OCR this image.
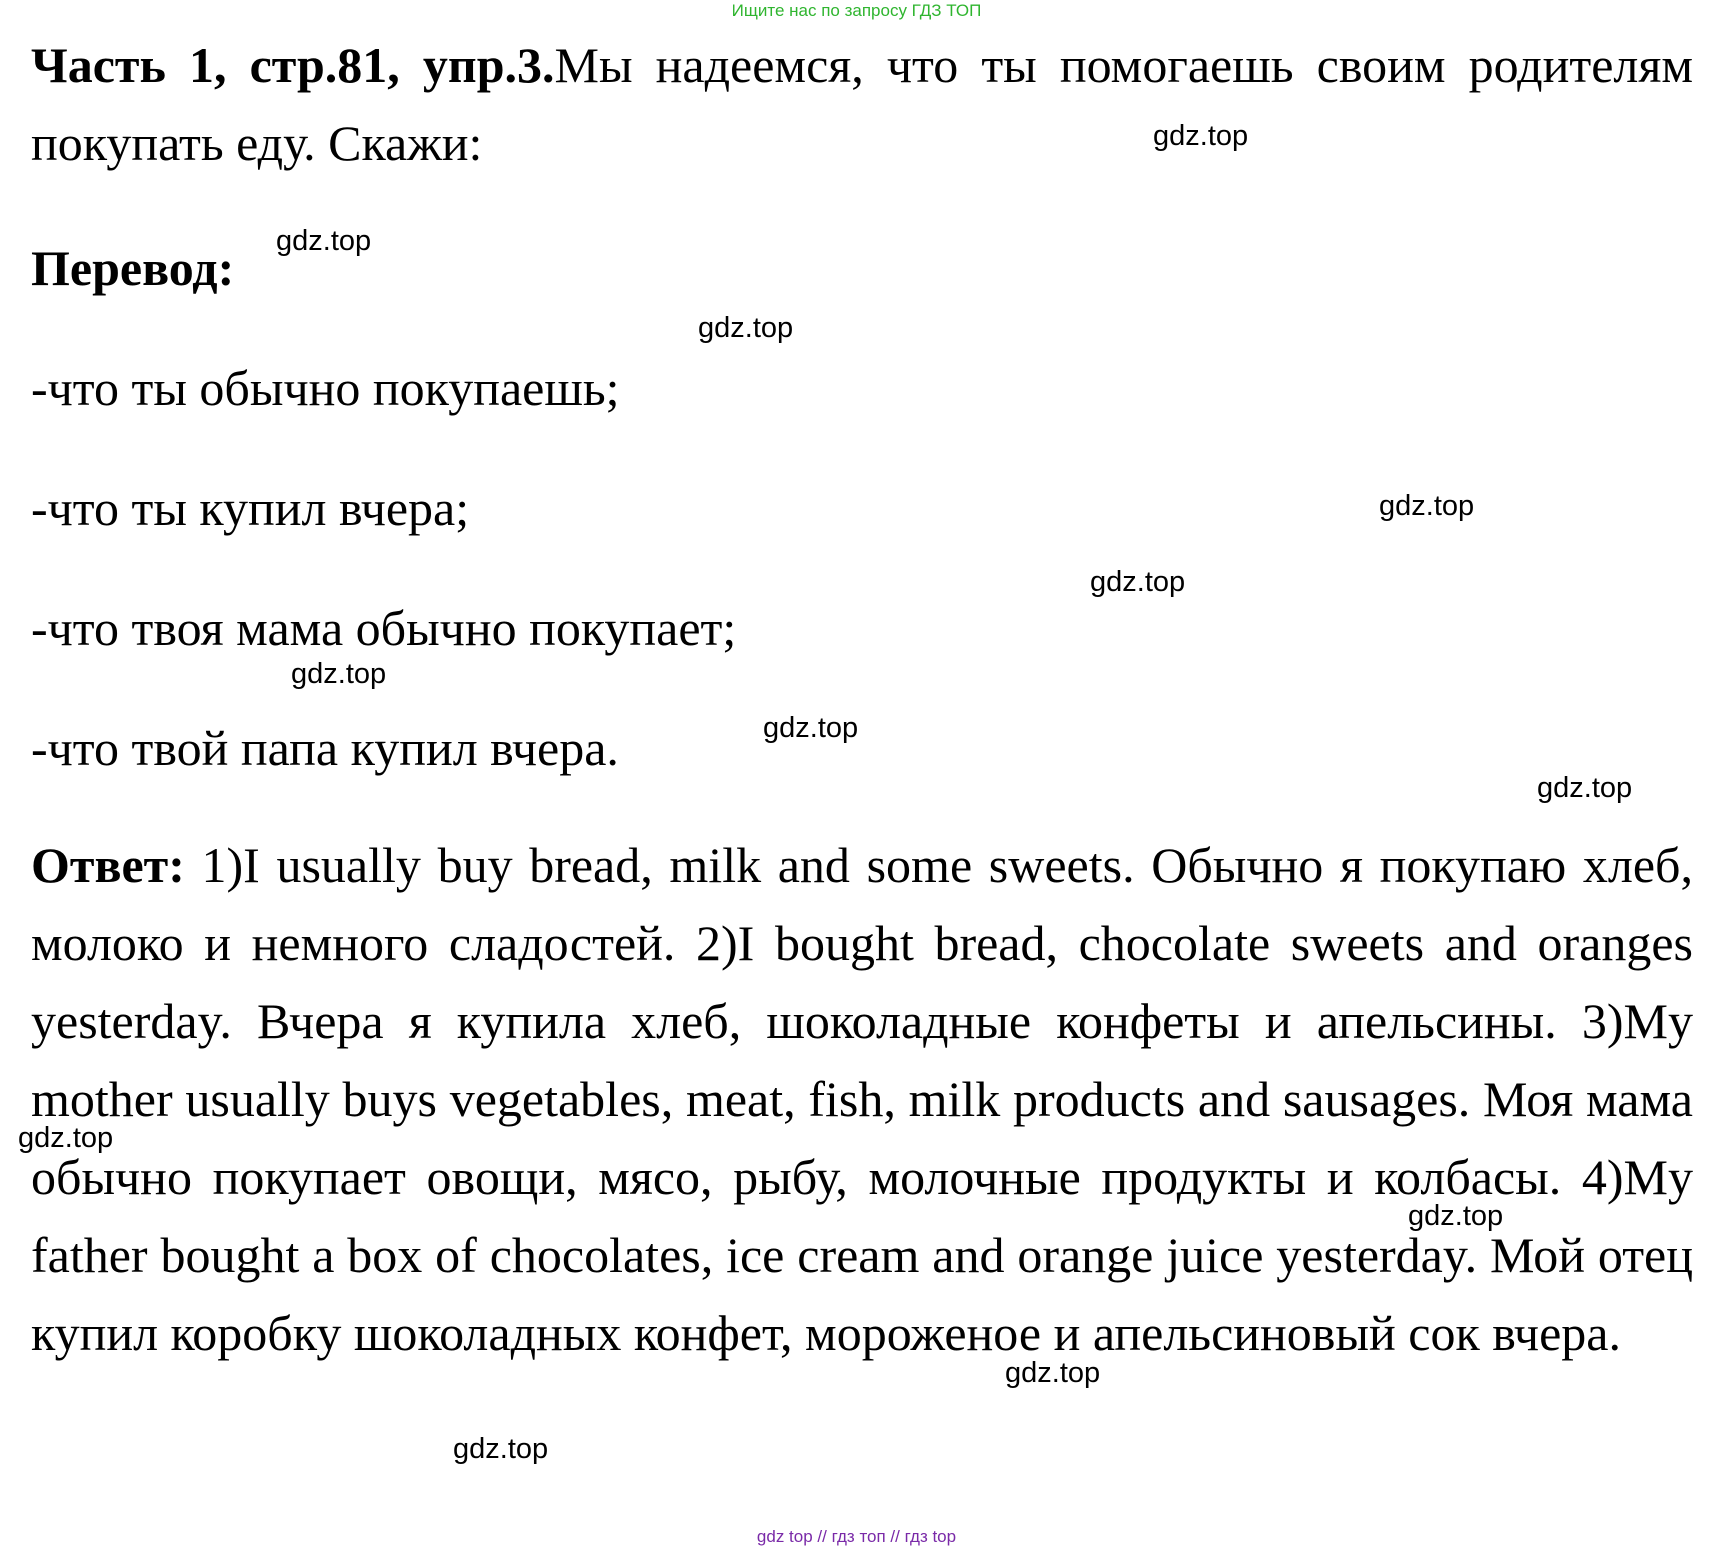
Ищите нас по запросу ГДЗ ТОП

Часть 1, стр.81, упр.3.Мы надеемся, что ты помогаешь своим родителям покупать еду. Скажи:

Перевод:
-что ты обычно покупаешь;
-что ты купил вчера;
-что твоя мама обычно покупает;
-что твой папа купил вчера.

Ответ: 1)I usually buy bread, milk and some sweets. Обычно я покупаю хлеб, молоко и немного сладостей. 2)I bought bread, chocolate sweets and oranges yesterday. Вчера я купила хлеб, шоколадные конфеты и апельсины. 3)My mother usually buys vegetables, meat, fish, milk products and sausages. Моя мама обычно покупает овощи, мясо, рыбу, молочные продукты и колбасы. 4)My father bought a box of chocolates, ice cream and orange juice yesterday. Мой отец купил коробку шоколадных конфет, мороженое и апельсиновый сок вчера.

gdz.top
gdz.top
gdz.top
gdz.top
gdz.top
gdz.top
gdz.top
gdz.top
gdz.top
gdz.top
gdz.top
gdz.top
gdz top // гдз топ // гдз top
